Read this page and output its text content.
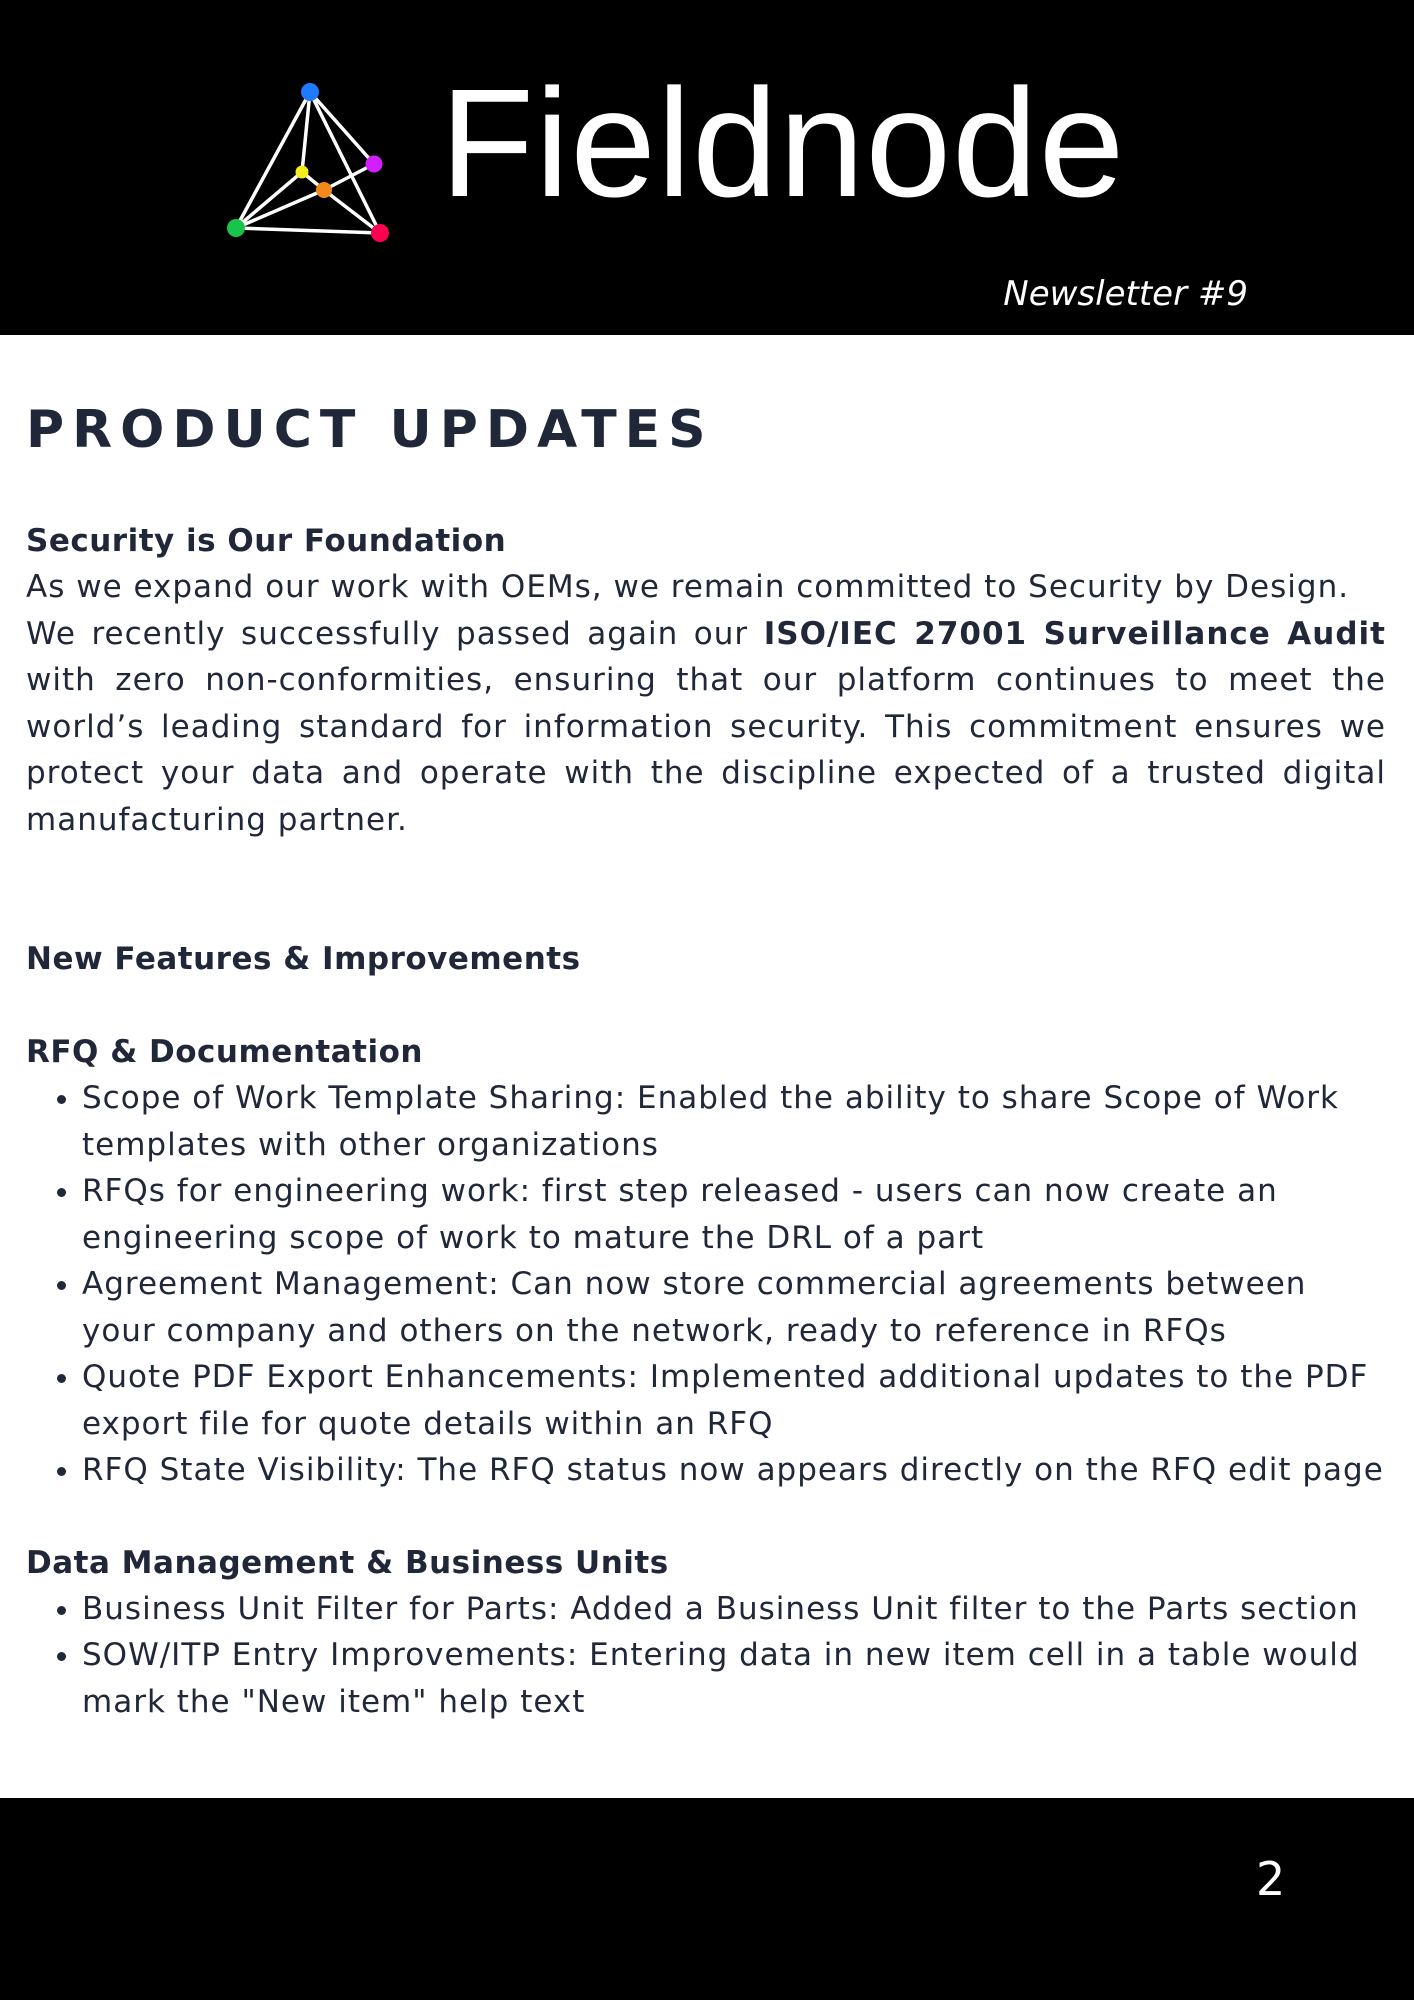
Fieldnode
Newsletter #9
PRODUCT UPDATES
Security is Our Foundation

As we expand our work with OEMs, we remain committed to Security by Design.

We recently successfully passed again our ISO/IEC 27001 Surveillance Audit with zero non-conformities, ensuring that our platform continues to meet the world’s leading standard for information security. This commitment ensures we protect your data and operate with the discipline expected of a trusted digital manufacturing partner.

New Features & Improvements
RFQ & Documentation
• Scope of Work Template Sharing: Enabled the ability to share Scope of Work templates with other organizations
• RFQs for engineering work: first step released - users can now create an engineering scope of work to mature the DRL of a part
• Agreement Management: Can now store commercial agreements between your company and others on the network, ready to reference in RFQs
• Quote PDF Export Enhancements: Implemented additional updates to the PDF export file for quote details within an RFQ
• RFQ State Visibility: The RFQ status now appears directly on the RFQ edit page
Data Management & Business Units
• Business Unit Filter for Parts: Added a Business Unit filter to the Parts section
• SOW/ITP Entry Improvements: Entering data in new item cell in a table would mark the "New item" help text
2
